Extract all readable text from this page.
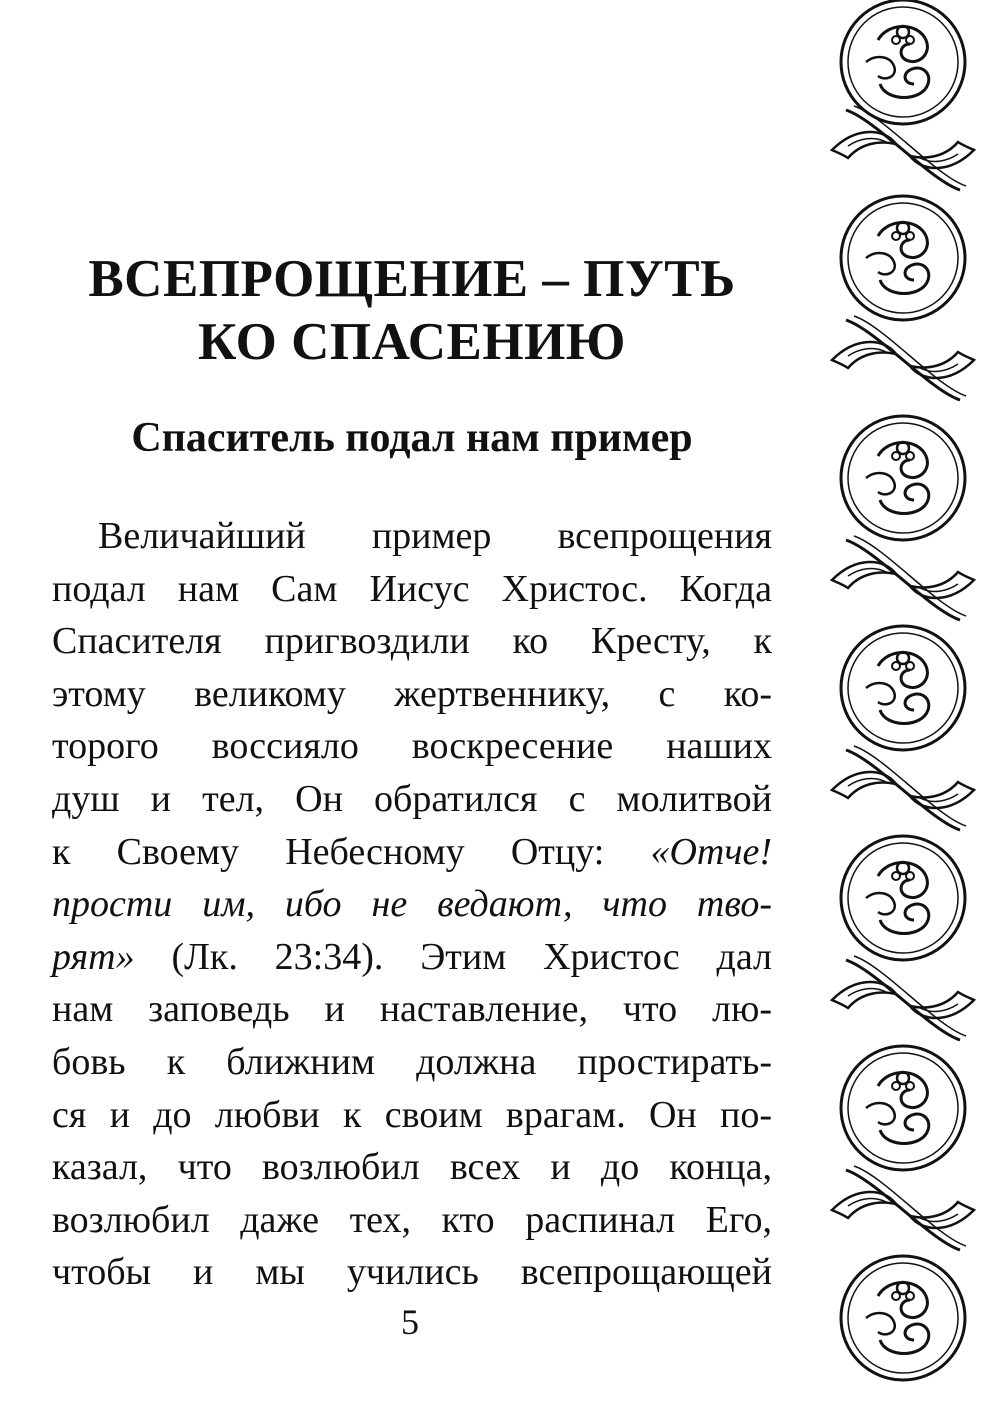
ВСЕПРОЩЕНИЕ – ПУТЬ
КО СПАСЕНИЮ
Спаситель подал нам пример
Величайший пример всепрощения
подал нам Сам Иисус Христос. Когда
Спасителя пригвоздили ко Кресту, к
этому великому жертвеннику, с ко-
торого воссияло воскресение наших
душ и тел, Он обратился с молитвой
к Своему Небесному Отцу: «Отче!
прости им, ибо не ведают, что тво-
рят» (Лк. 23:34). Этим Христос дал
нам заповедь и наставление, что лю-
бовь к ближним должна простирать-
ся и до любви к своим врагам. Он по-
казал, что возлюбил всех и до конца,
возлюбил даже тех, кто распинал Его,
чтобы и мы учились всепрощающей
5
